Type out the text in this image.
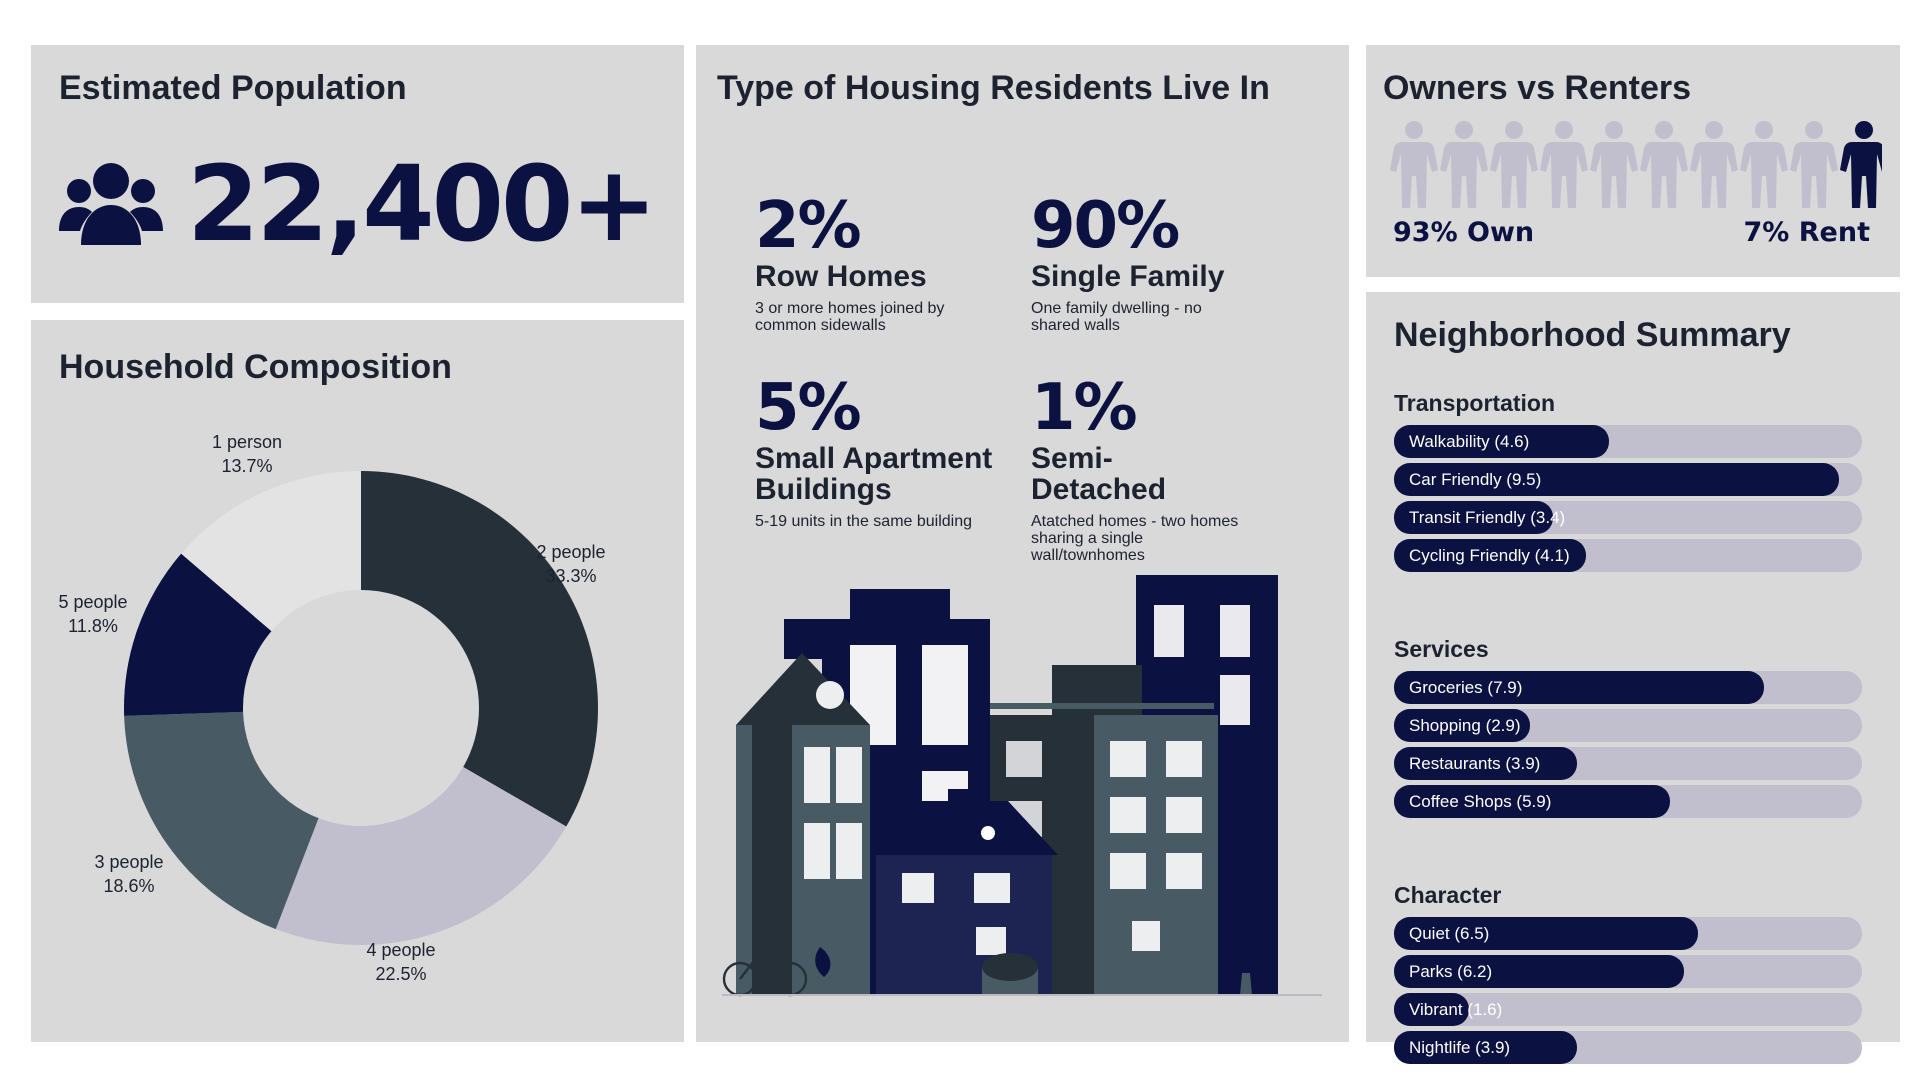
Estimated Population
22,400+
Household Composition
2 people
33.3%
4 people
22.5%
3 people
18.6%
5 people
11.8%
1 person
13.7%
Type of Housing Residents Live In
2%
Row Homes
3 or more homes joined by common sidewalls
90%
Single Family
One family dwelling - no shared walls
5%
Small Apartment Buildings
5-19 units in the same building
1%
Semi- Detached
Atatched homes - two homes sharing a single wall/townhomes
Owners vs Renters
93% Own	7% Rent
Neighborhood Summary
Transportation
Walkability (4.6)
Car Friendly (9.5)
Transit Friendly (3.4)
Cycling Friendly (4.1)
Services
Groceries (7.9)
Shopping (2.9)
Restaurants (3.9)
Coffee Shops (5.9)
Character
Quiet (6.5)
Parks (6.2)
Vibrant (1.6)
Nightlife (3.9)
